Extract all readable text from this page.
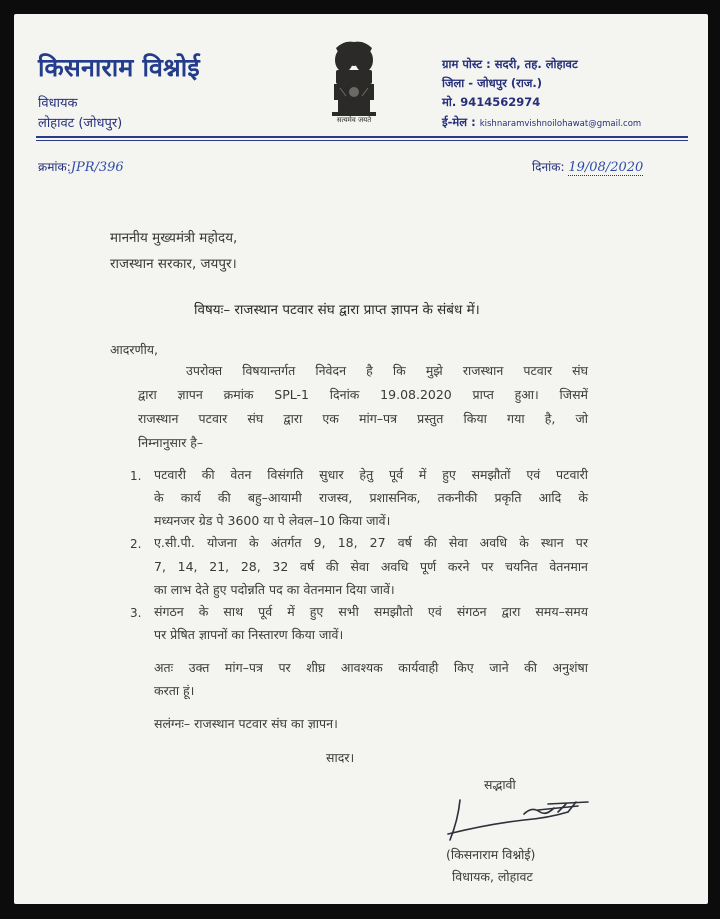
किसनाराम विश्नोई
विधायक
लोहावट (जोधपुर)	सत्यमेव जयते
ग्राम पोस्ट : सदरी, तह. लोहावट
जिला - जोधपुर (राज.)
मो. 9414562974
ई-मेल : kishnaramvishnoilohawat@gmail.com
क्रमांक:JPR/396	दिनांक: 19/08/2020
माननीय मुख्यमंत्री महोदय,
राजस्थान सरकार, जयपुर।
विषयः– राजस्थान पटवार संघ द्वारा प्राप्त ज्ञापन के संबंध में।
आदरणीय,
उपरोक्त विषयान्तर्गत निवेदन है कि मुझे राजस्थान पटवार संघ
द्वारा ज्ञापन क्रमांक SPL-1 दिनांक 19.08.2020 प्राप्त हुआ। जिसमें
राजस्थान पटवार संघ द्वारा एक मांग–पत्र प्रस्तुत किया गया है, जो
निम्नानुसार है–
1. पटवारी की वेतन विसंगति सुधार हेतु पूर्व में हुए समझौतों एवं पटवारी
के कार्य की बहु–आयामी राजस्व, प्रशासनिक, तकनीकी प्रकृति आदि के
मध्यनजर ग्रेड पे 3600 या पे लेवल–10 किया जावें।
2. ए.सी.पी. योजना के अंतर्गत 9, 18, 27 वर्ष की सेवा अवधि के स्थान पर
7, 14, 21, 28, 32 वर्ष की सेवा अवधि पूर्ण करने पर चयनित वेतनमान
का लाभ देते हुए पदोन्नति पद का वेतनमान दिया जावें।
3. संगठन के साथ पूर्व में हुए सभी समझौतो एवं संगठन द्वारा समय–समय
पर प्रेषित ज्ञापनों का निस्तारण किया जावें।
अतः उक्त मांग–पत्र पर शीघ्र आवश्यक कार्यवाही किए जाने की अनुशंषा
करता हूं।
सलंग्नः– राजस्थान पटवार संघ का ज्ञापन।
सादर।
सद्भावी
(किसनाराम विश्नोई)
विधायक, लोहावट
